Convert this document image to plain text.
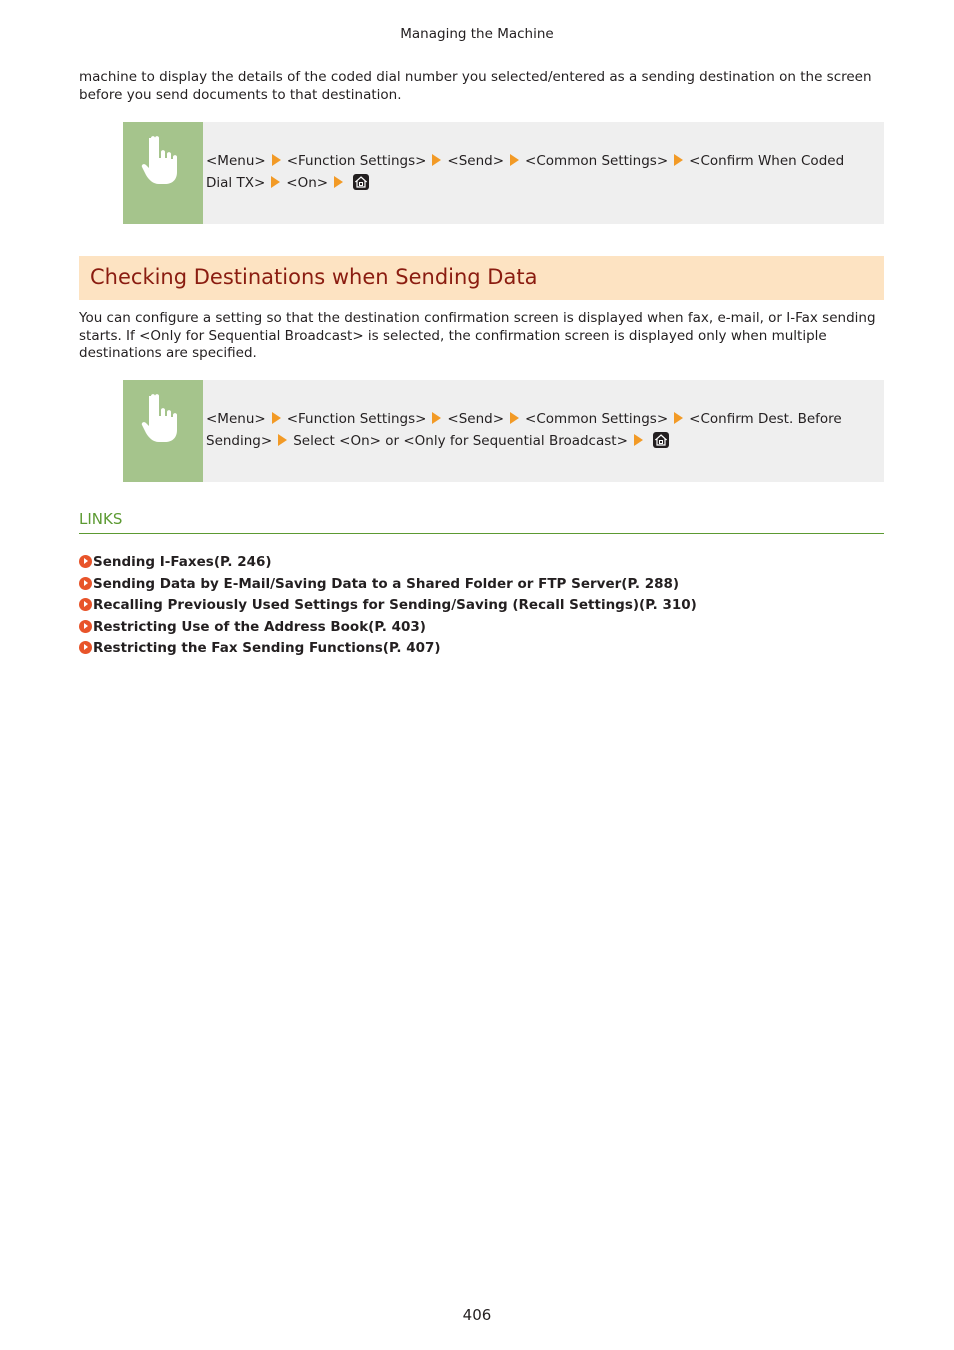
Managing the Machine
machine to display the details of the coded dial number you selected/entered as a sending destination on the screen before you send documents to that destination.
<Menu> <Function Settings> <Send> <Common Settings> <Confirm When Coded Dial TX> <On>
Checking Destinations when Sending Data
You can configure a setting so that the destination confirmation screen is displayed when fax, e-mail, or I-Fax sending starts. If <Only for Sequential Broadcast> is selected, the confirmation screen is displayed only when multiple destinations are specified.
<Menu> <Function Settings> <Send> <Common Settings> <Confirm Dest. Before Sending> Select <On> or <Only for Sequential Broadcast>
LINKS
Sending I-Faxes(P. 246)
Sending Data by E-Mail/Saving Data to a Shared Folder or FTP Server(P. 288)
Recalling Previously Used Settings for Sending/Saving (Recall Settings)(P. 310)
Restricting Use of the Address Book(P. 403)
Restricting the Fax Sending Functions(P. 407)
406
